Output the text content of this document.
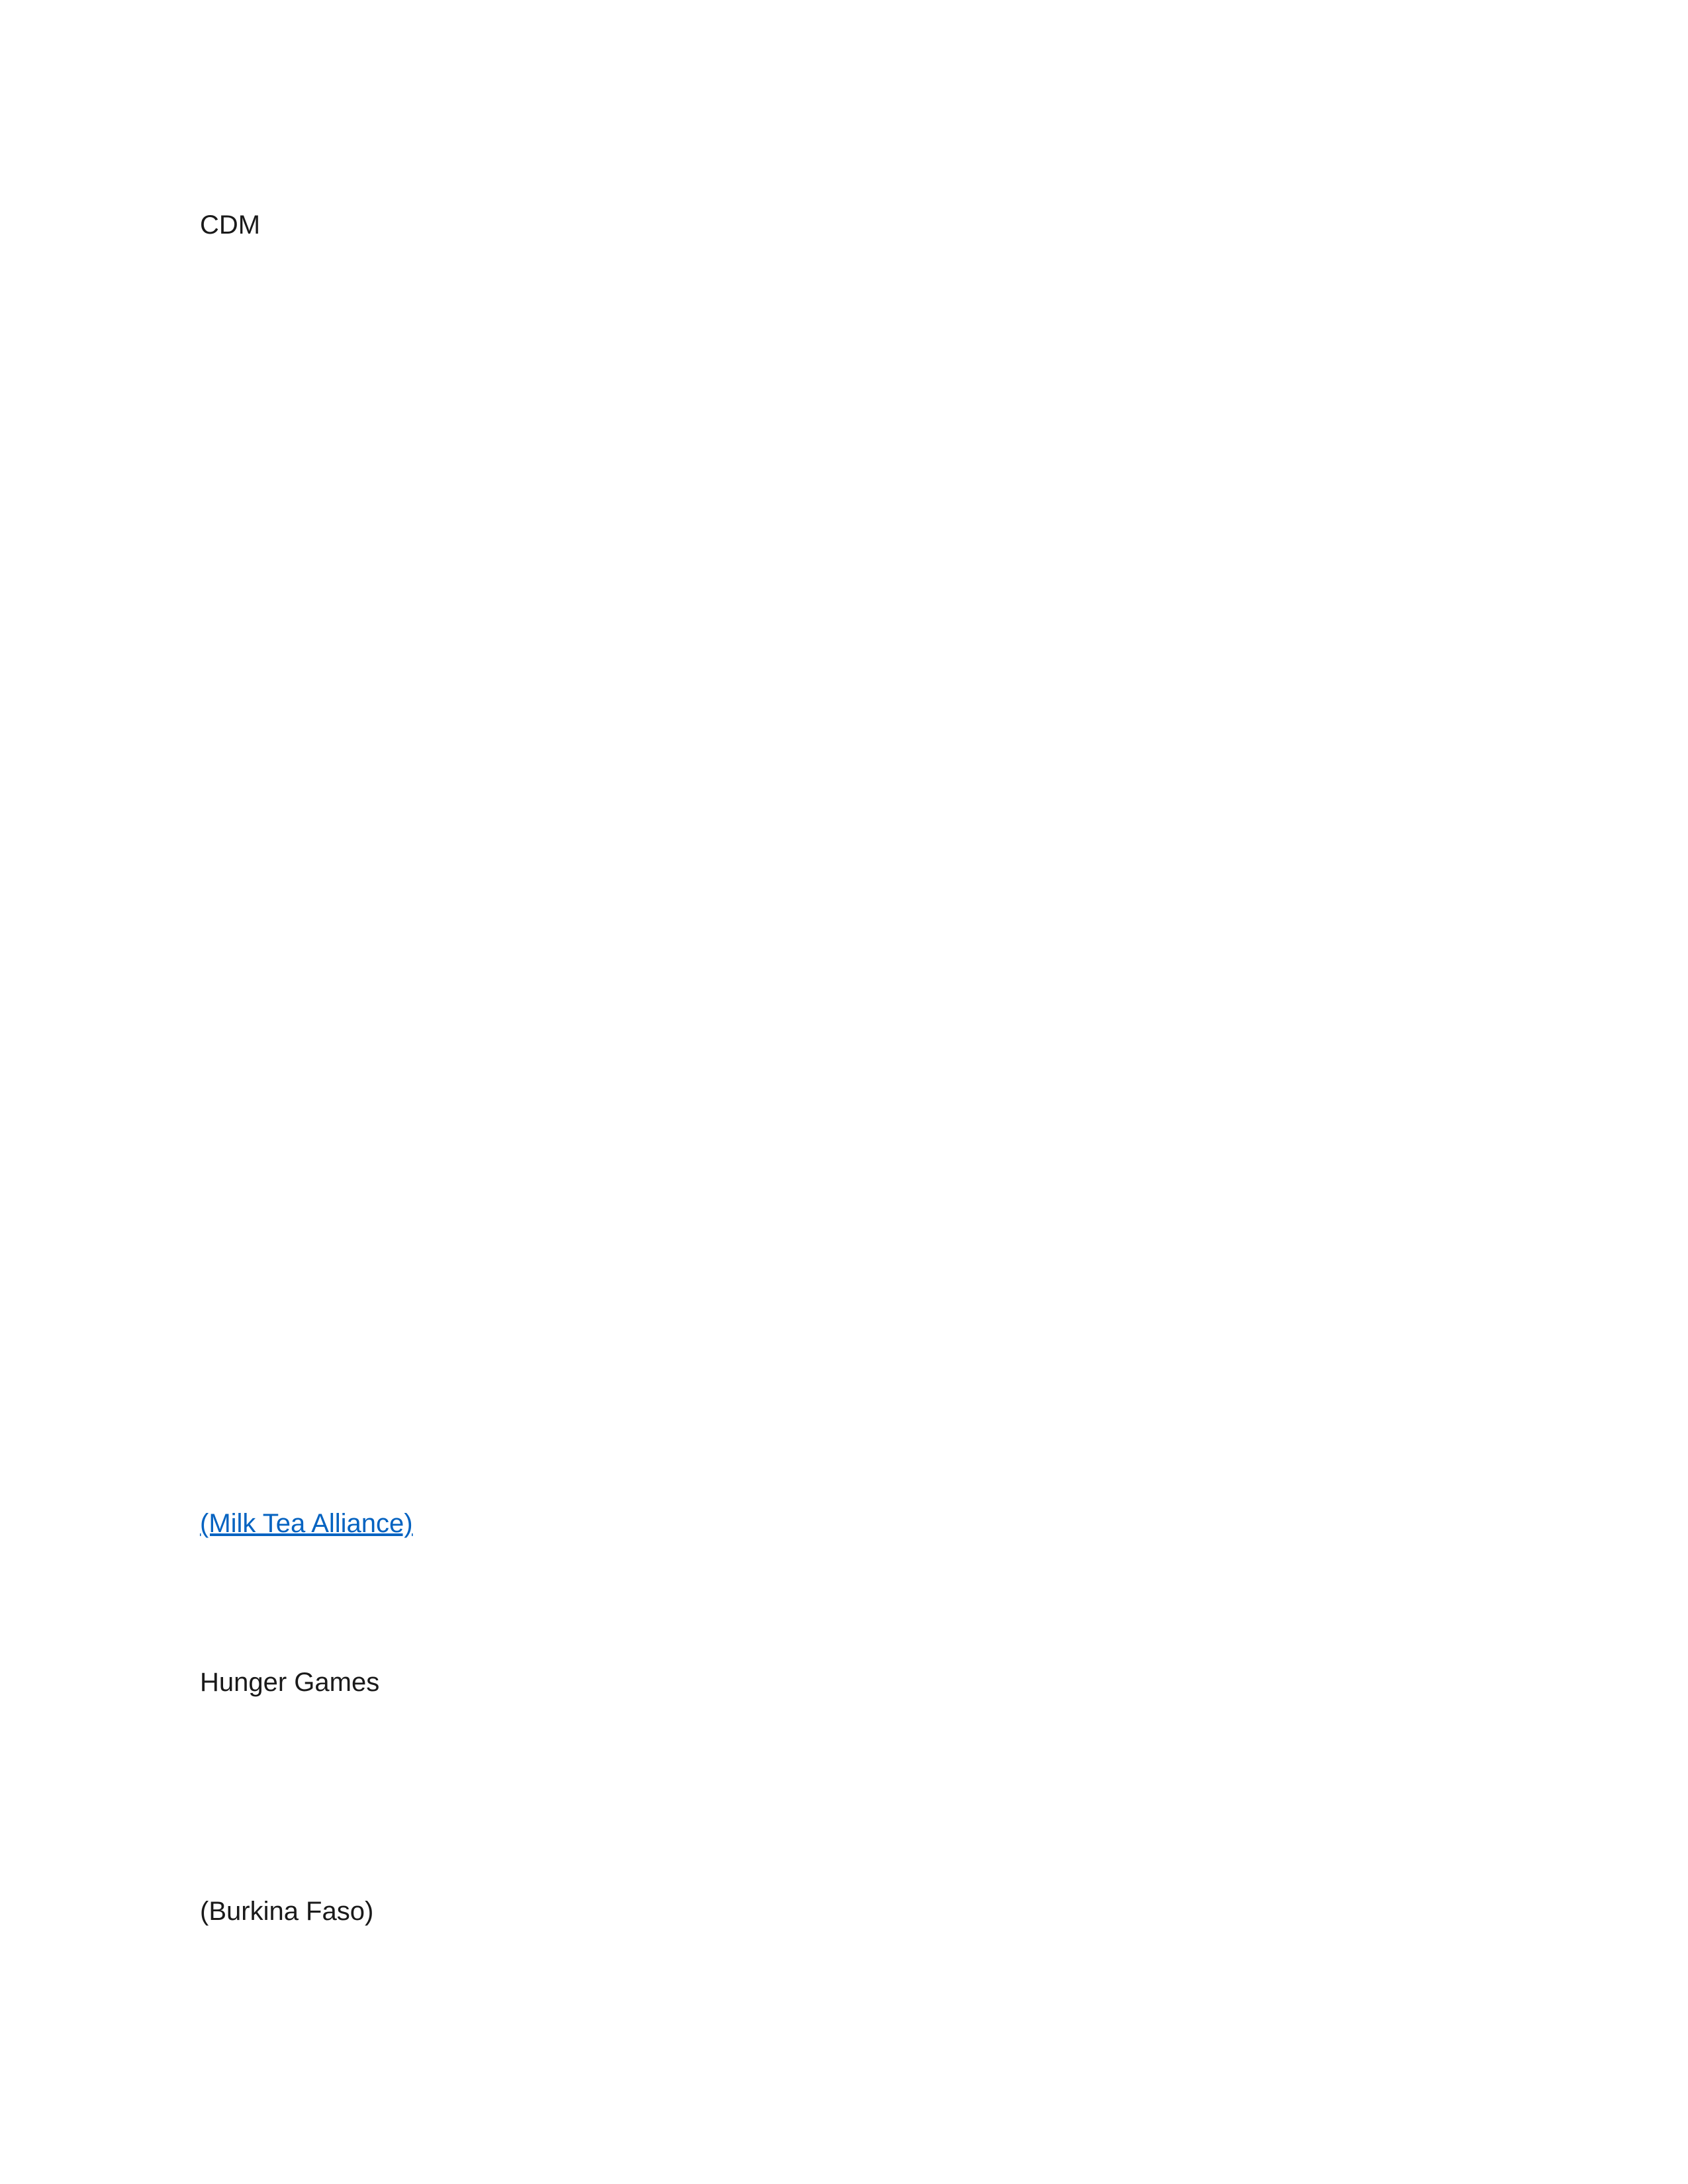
CDM
(Milk Tea Alliance)
Hunger Games
(Burkina Faso)
